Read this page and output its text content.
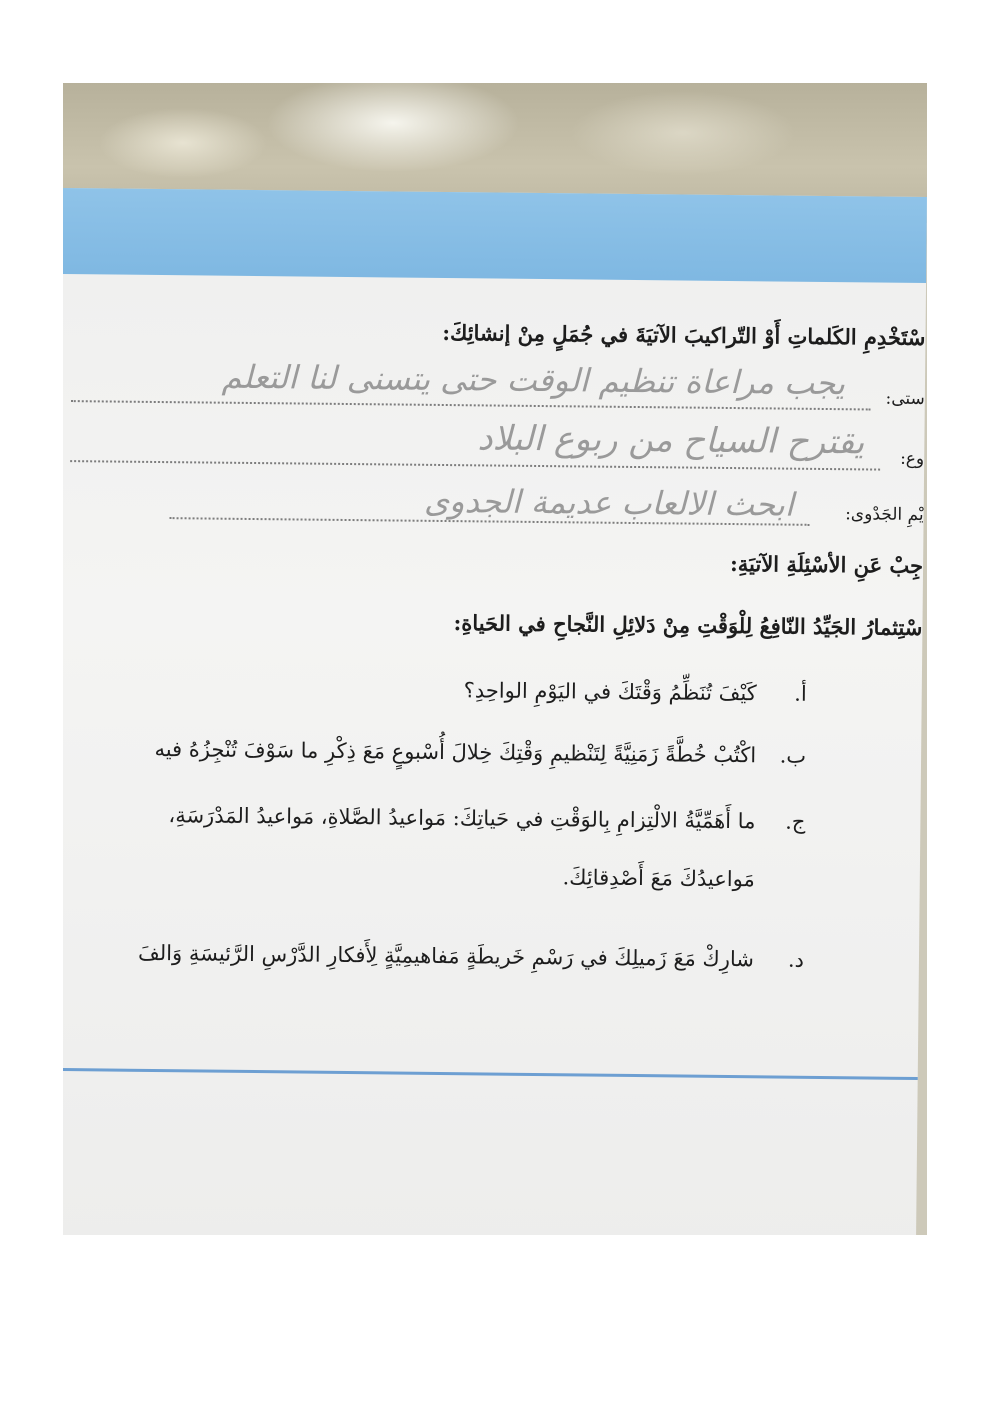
سْتَخْدِمِ الكَلماتِ أَوْ التّراكيبَ الآتيَةَ في جُمَلٍ مِنْ إنشائِكَ:
ستى:
يجب مراعاة تنظيم الوقت حتى يتسنى لنا التعلم
وع:
يقترح السياح من ربوع البلاد
يْمِ الجَدْوى:
ابحث الالعاب عديمة الجدوى
جِبْ عَنِ الأسْئِلَةِ الآتيَةِ:
سْتِثمارُ الجَيِّدُ النّافِعُ لِلْوَقْتِ مِنْ دَلائِلِ النَّجاحِ في الحَياةِ:
أ.
كَيْفَ تُنَظِّمُ وَقْتَكَ في اليَوْمِ الواحِدِ؟
ب.
اكْتُبْ خُطَّةً زَمَنِيَّةً لِتَنْظيمِ وَقْتِكَ خِلالَ أُسْبوعٍ مَعَ ذِكْرِ ما سَوْفَ تُنْجِزُهُ فيه
ج.
ما أَهَمِّيَّةُ الالْتِزامِ بِالوَقْتِ في حَياتِكَ: مَواعيدُ الصَّلاةِ، مَواعيدُ المَدْرَسَةِ،
مَواعيدُكَ مَعَ أَصْدِقائِكَ.
د.
شارِكْ مَعَ زَميلِكَ في رَسْمِ خَريطَةٍ مَفاهيمِيَّةٍ لِأَفكارِ الدَّرْسِ الرَّئيسَةِ وَالفَ
